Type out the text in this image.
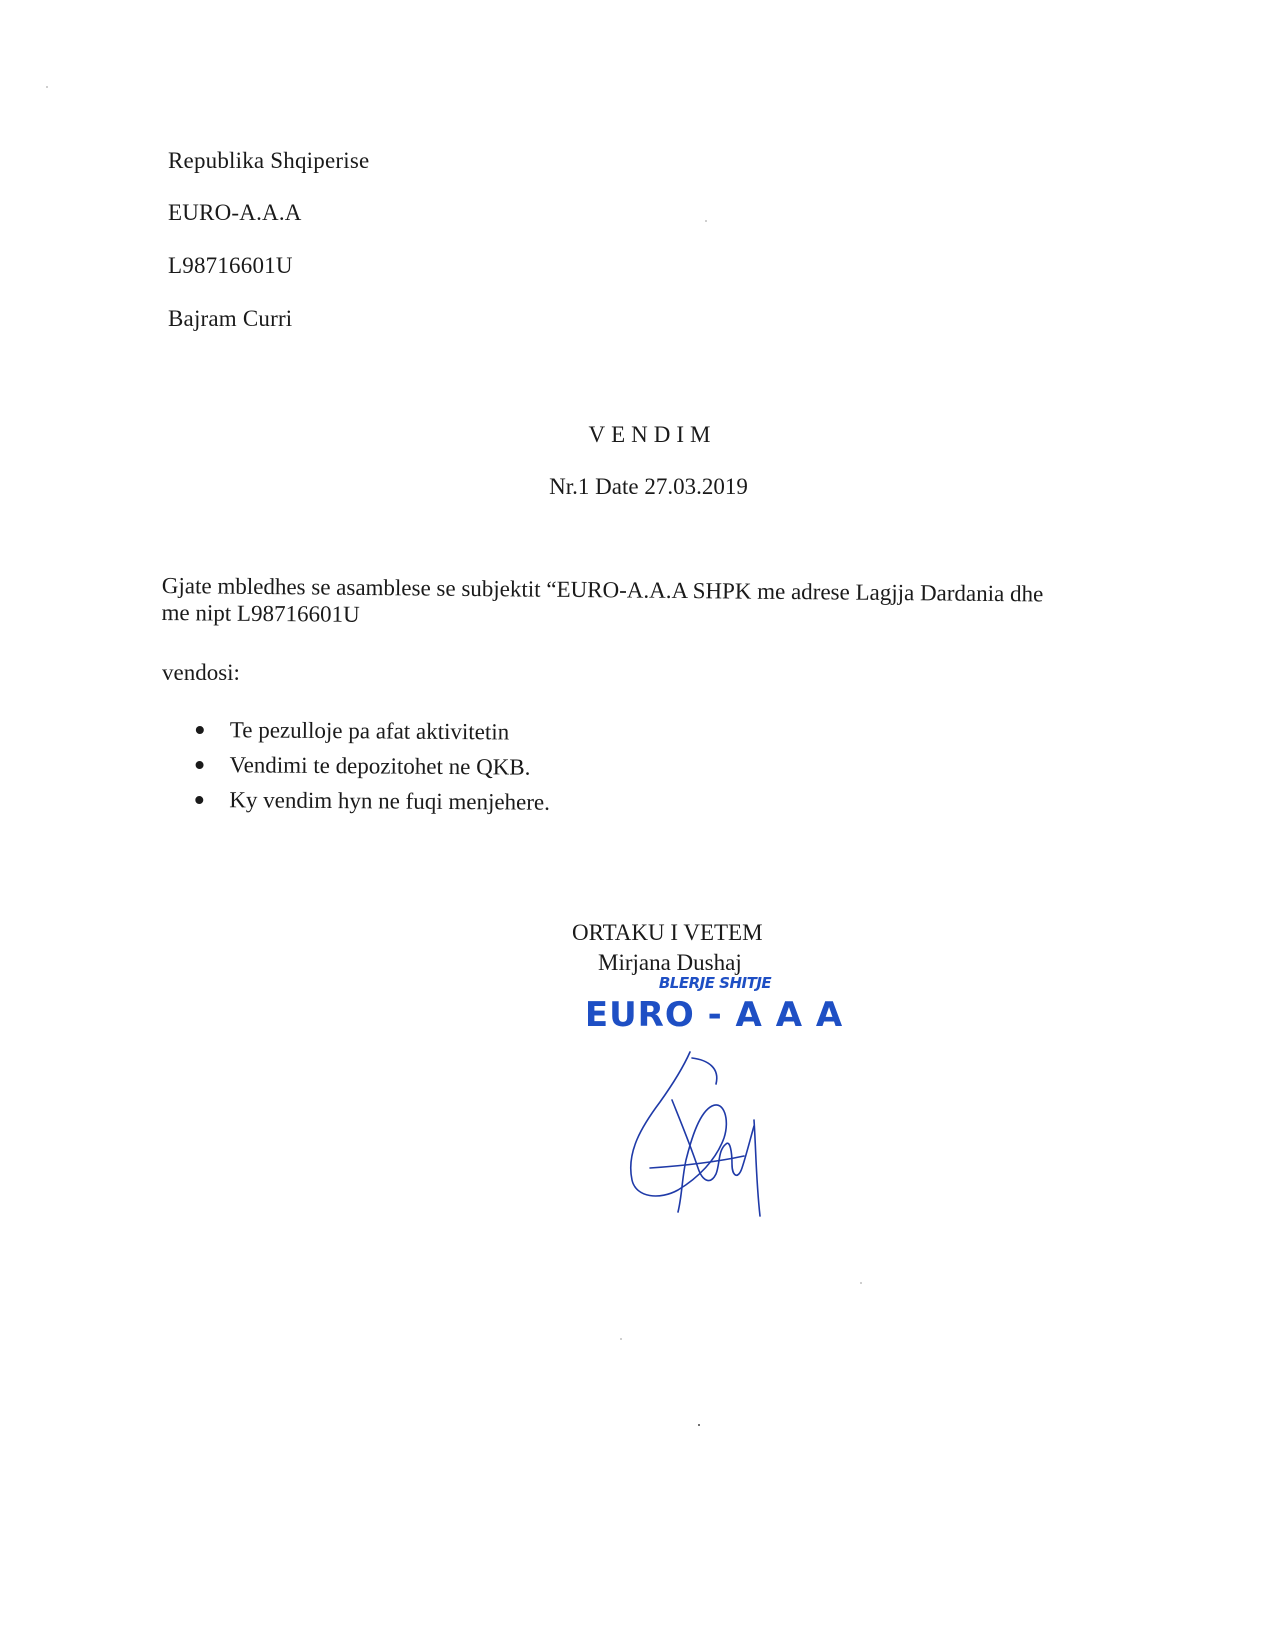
Republika Shqiperise
EURO-A.A.A
L98716601U
Bajram Curri
VENDIM
Nr.1 Date 27.03.2019
Gjate mbledhes se asamblese se subjektit “EURO-A.A.A SHPK me adrese Lagjja Dardania dhe
me nipt L98716601U
vendosi:
Te pezulloje pa afat aktivitetin
Vendimi te depozitohet ne QKB.
Ky vendim hyn ne fuqi menjehere.
ORTAKU I VETEM
Mirjana Dushaj
BLERJE SHITJE
EURO - A A A
